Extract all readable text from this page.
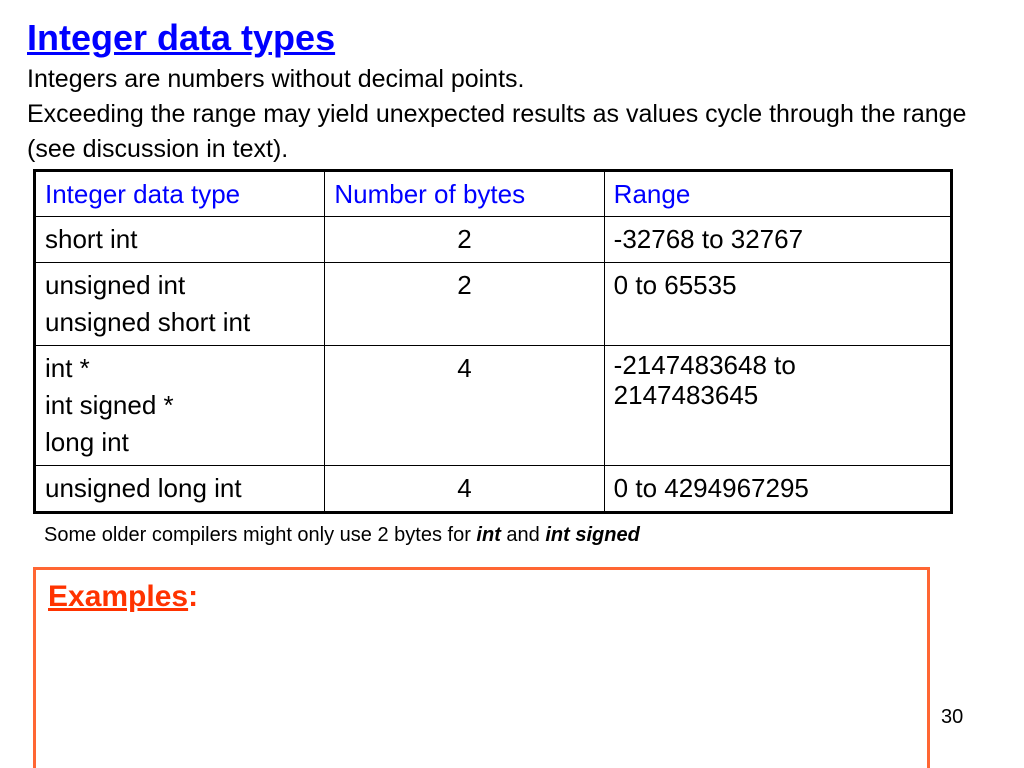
Integer data types

Integers are numbers without decimal points.

Exceeding the range may yield unexpected results as values cycle through the range (see discussion in text).

Integer data type	Number of bytes	Range

short int	2	-32768 to 32767

unsigned int
unsigned short int	2	0 to 65535

int *
int signed *
long int	4	-2147483648 to 2147483645

unsigned long int	4	0 to 4294967295
Some older compilers might only use 2 bytes for int and int signed
Examples:
30
